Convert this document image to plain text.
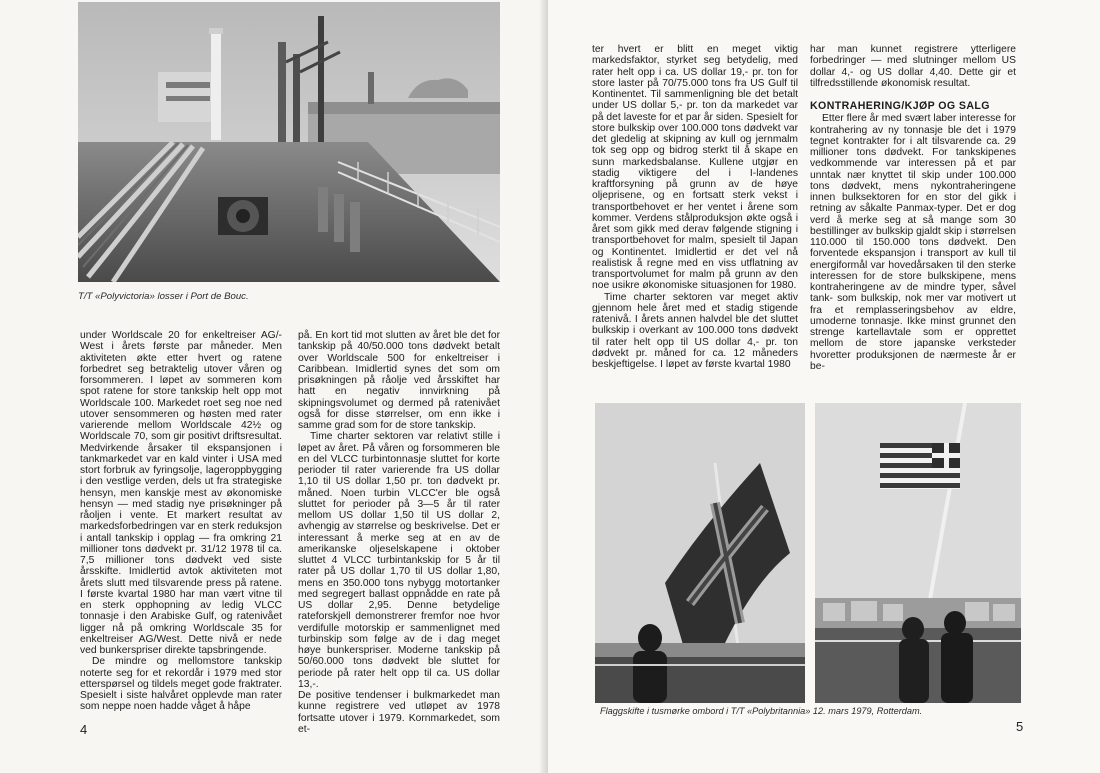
T/T «Polyvictoria» losser i Port de Bouc.

under Worldscale 20 for enkeltreiser AG/-West i årets første par måneder. Men aktiviteten økte etter hvert og ratene forbedret seg betraktelig utover våren og forsommeren. I løpet av sommeren kom spot ratene for store tankskip helt opp mot Worldscale 100. Markedet roet seg noe ned utover sensommeren og høsten med rater varierende mellom Worldscale 42½ og Worldscale 70, som gir positivt driftsresultat. Medvirkende årsaker til ekspansjonen i tankmarkedet var en kald vinter i USA med stort forbruk av fyringsolje, lageroppbygging i den vestlige verden, dels ut fra strategiske hensyn, men kanskje mest av økonomiske hensyn — med stadig nye prisøkninger på råoljen i vente. Et markert resultat av markedsforbedringen var en sterk reduksjon i antall tankskip i opplag — fra omkring 21 millioner tons dødvekt pr. 31/12 1978 til ca. 7,5 millioner tons dødvekt ved siste årsskifte. Imidlertid avtok aktiviteten mot årets slutt med tilsvarende press på ratene. I første kvartal 1980 har man vært vitne til en sterk opphopning av ledig VLCC tonnasje i den Arabiske Gulf, og ratenivået ligger nå på omkring Worldscale 35 for enkeltreiser AG/West. Dette nivå er nede ved bunkerspriser direkte tapsbringende.

De mindre og mellomstore tankskip noterte seg for et rekordår i 1979 med stor etterspørsel og tildels meget gode fraktrater. Spesielt i siste halvåret opplevde man rater som neppe noen hadde våget å håpe

på. En kort tid mot slutten av året ble det for tankskip på 40/50.000 tons dødvekt betalt over Worldscale 500 for enkeltreiser i Caribbean. Imidlertid synes det som om prisøkningen på råolje ved årsskiftet har hatt en negativ innvirkning på skipningsvolumet og dermed på ratenivået også for disse størrelser, om enn ikke i samme grad som for de store tankskip.

Time charter sektoren var relativt stille i løpet av året. På våren og forsommeren ble en del VLCC turbintonnasje sluttet for korte perioder til rater varierende fra US dollar 1,10 til US dollar 1,50 pr. ton dødvekt pr. måned. Noen turbin VLCC'er ble også sluttet for perioder på 3—5 år til rater mellom US dollar 1,50 til US dollar 2, avhengig av størrelse og beskrivelse. Det er interessant å merke seg at en av de amerikanske oljeselskapene i oktober sluttet 4 VLCC turbintankskip for 5 år til rater på US dollar 1,70 til US dollar 1,80, mens en 350.000 tons nybygg motortanker med segregert ballast oppnådde en rate på US dollar 2,95. Denne betydelige rateforskjell demonstrerer fremfor noe hvor verdifulle motorskip er sammenlignet med turbinskip som følge av de i dag meget høye bunkerspriser. Moderne tankskip på 50/60.000 tons dødvekt ble sluttet for periode på rater helt opp til ca. US dollar 13,-.

De positive tendenser i bulkmarkedet man kunne registrere ved utløpet av 1978 fortsatte utover i 1979. Kornmarkedet, som et-

4

ter hvert er blitt en meget viktig markedsfaktor, styrket seg betydelig, med rater helt opp i ca. US dollar 19,- pr. ton for store laster på 70/75.000 tons fra US Gulf til Kontinentet. Til sammenligning ble det betalt under US dollar 5,- pr. ton da markedet var på det laveste for et par år siden. Spesielt for store bulkskip over 100.000 tons dødvekt var det gledelig at skipning av kull og jernmalm tok seg opp og bidrog sterkt til å skape en sunn markedsbalanse. Kullene utgjør en stadig viktigere del i I-landenes kraftforsyning på grunn av de høye oljeprisene, og en fortsatt sterk vekst i transportbehovet er her ventet i årene som kommer. Verdens stålproduksjon økte også i året som gikk med derav følgende stigning i transportbehovet for malm, spesielt til Japan og Kontinentet. Imidlertid er det vel nå realistisk å regne med en viss utflatning av transportvolumet for malm på grunn av den noe usikre økonomiske situasjonen for 1980.

Time charter sektoren var meget aktiv gjennom hele året med et stadig stigende ratenivå. I årets annen halvdel ble det sluttet bulkskip i overkant av 100.000 tons dødvekt til rater helt opp til US dollar 4,- pr. ton dødvekt pr. måned for ca. 12 måneders beskjeftigelse. I løpet av første kvartal 1980

har man kunnet registrere ytterligere forbedringer — med slutninger mellom US dollar 4,- og US dollar 4,40. Dette gir et tilfredsstillende økonomisk resultat.

KONTRAHERING/KJØP OG SALG

Etter flere år med svært laber interesse for kontrahering av ny tonnasje ble det i 1979 tegnet kontrakter for i alt tilsvarende ca. 29 millioner tons dødvekt. For tankskipenes vedkommende var interessen på et par unntak nær knyttet til skip under 100.000 tons dødvekt, mens nykontraheringene innen bulksektoren for en stor del gikk i retning av såkalte Panmax-typer. Det er dog verd å merke seg at så mange som 30 bestillinger av bulkskip gjaldt skip i størrelsen 110.000 til 150.000 tons dødvekt. Den forventede ekspansjon i transport av kull til energiformål var hovedårsaken til den sterke interessen for de store bulkskipene, mens kontraheringene av de mindre typer, såvel tank- som bulkskip, nok mer var motivert ut fra et remplasseringsbehov av eldre, umoderne tonnasje. Ikke minst grunnet den strenge kartellavtale som er opprettet mellom de store japanske verksteder hvoretter produksjonen de nærmeste år er be-

Flaggskifte i tusmørke ombord i T/T «Polybritannia» 12. mars 1979, Rotterdam.
5
